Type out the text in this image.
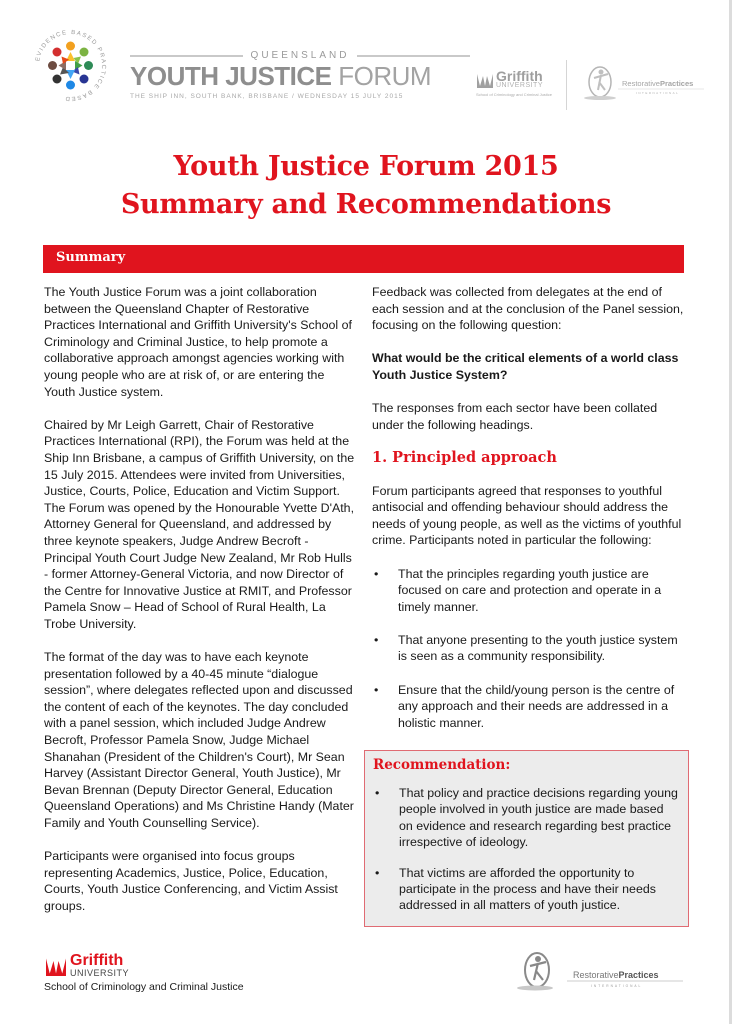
EVIDENCE BASED PRACTICE BASED
QUEENSLAND
YOUTH JUSTICE FORUM
THE SHIP INN, SOUTH BANK, BRISBANE / WEDNESDAY 15 JULY 2015
Griffith
UNIVERSITY
School of Criminology and Criminal Justice
RestorativePractices
INTERNATIONAL
Youth Justice Forum 2015
Summary and Recommendations
Summary

The Youth Justice Forum was a joint collaboration between the Queensland Chapter of Restorative Practices International and Griffith University's School of Criminology and Criminal Justice, to help promote a collaborative approach amongst agencies working with young people who are at risk of, or are entering the Youth Justice system.

Chaired by Mr Leigh Garrett, Chair of Restorative Practices International (RPI), the Forum was held at the Ship Inn Brisbane, a campus of Griffith University, on the 15 July 2015. Attendees were invited from Universities, Justice, Courts, Police, Education and Victim Support. The Forum was opened by the Honourable Yvette D'Ath, Attorney General for Queensland, and addressed by three keynote speakers, Judge Andrew Becroft - Principal Youth Court Judge New Zealand, Mr Rob Hulls - former Attorney-General Victoria, and now Director of the Centre for Innovative Justice at RMIT, and Professor Pamela Snow – Head of School of Rural Health, La Trobe University.

The format of the day was to have each keynote presentation followed by a 40-45 minute “dialogue session”, where delegates reflected upon and discussed the content of each of the keynotes. The day concluded with a panel session, which included Judge Andrew Becroft, Professor Pamela Snow, Judge Michael Shanahan (President of the Children's Court), Mr Sean Harvey (Assistant Director General, Youth Justice), Mr Bevan Brennan (Deputy Director General, Education Queensland Operations) and Ms Christine Handy (Mater Family and Youth Counselling Service).

Participants were organised into focus groups representing Academics, Justice, Police, Education, Courts, Youth Justice Conferencing, and Victim Assist groups.

Feedback was collected from delegates at the end of each session and at the conclusion of the Panel session, focusing on the following question:

What would be the critical elements of a world class Youth Justice System?

The responses from each sector have been collated under the following headings.

1. Principled approach

Forum participants agreed that responses to youthful antisocial and offending behaviour should address the needs of young people, as well as the victims of youthful crime. Participants noted in particular the following:

• That the principles regarding youth justice are focused on care and protection and operate in a timely manner.
• That anyone presenting to the youth justice system is seen as a community responsibility.
• Ensure that the child/young person is the centre of any approach and their needs are addressed in a holistic manner.
Recommendation:
• That policy and practice decisions regarding young people involved in youth justice are made based on evidence and research regarding best practice irrespective of ideology.
• That victims are afforded the opportunity to participate in the process and have their needs addressed in all matters of youth justice.
Griffith
UNIVERSITY
School of Criminology and Criminal Justice
RestorativePractices
INTERNATIONAL
